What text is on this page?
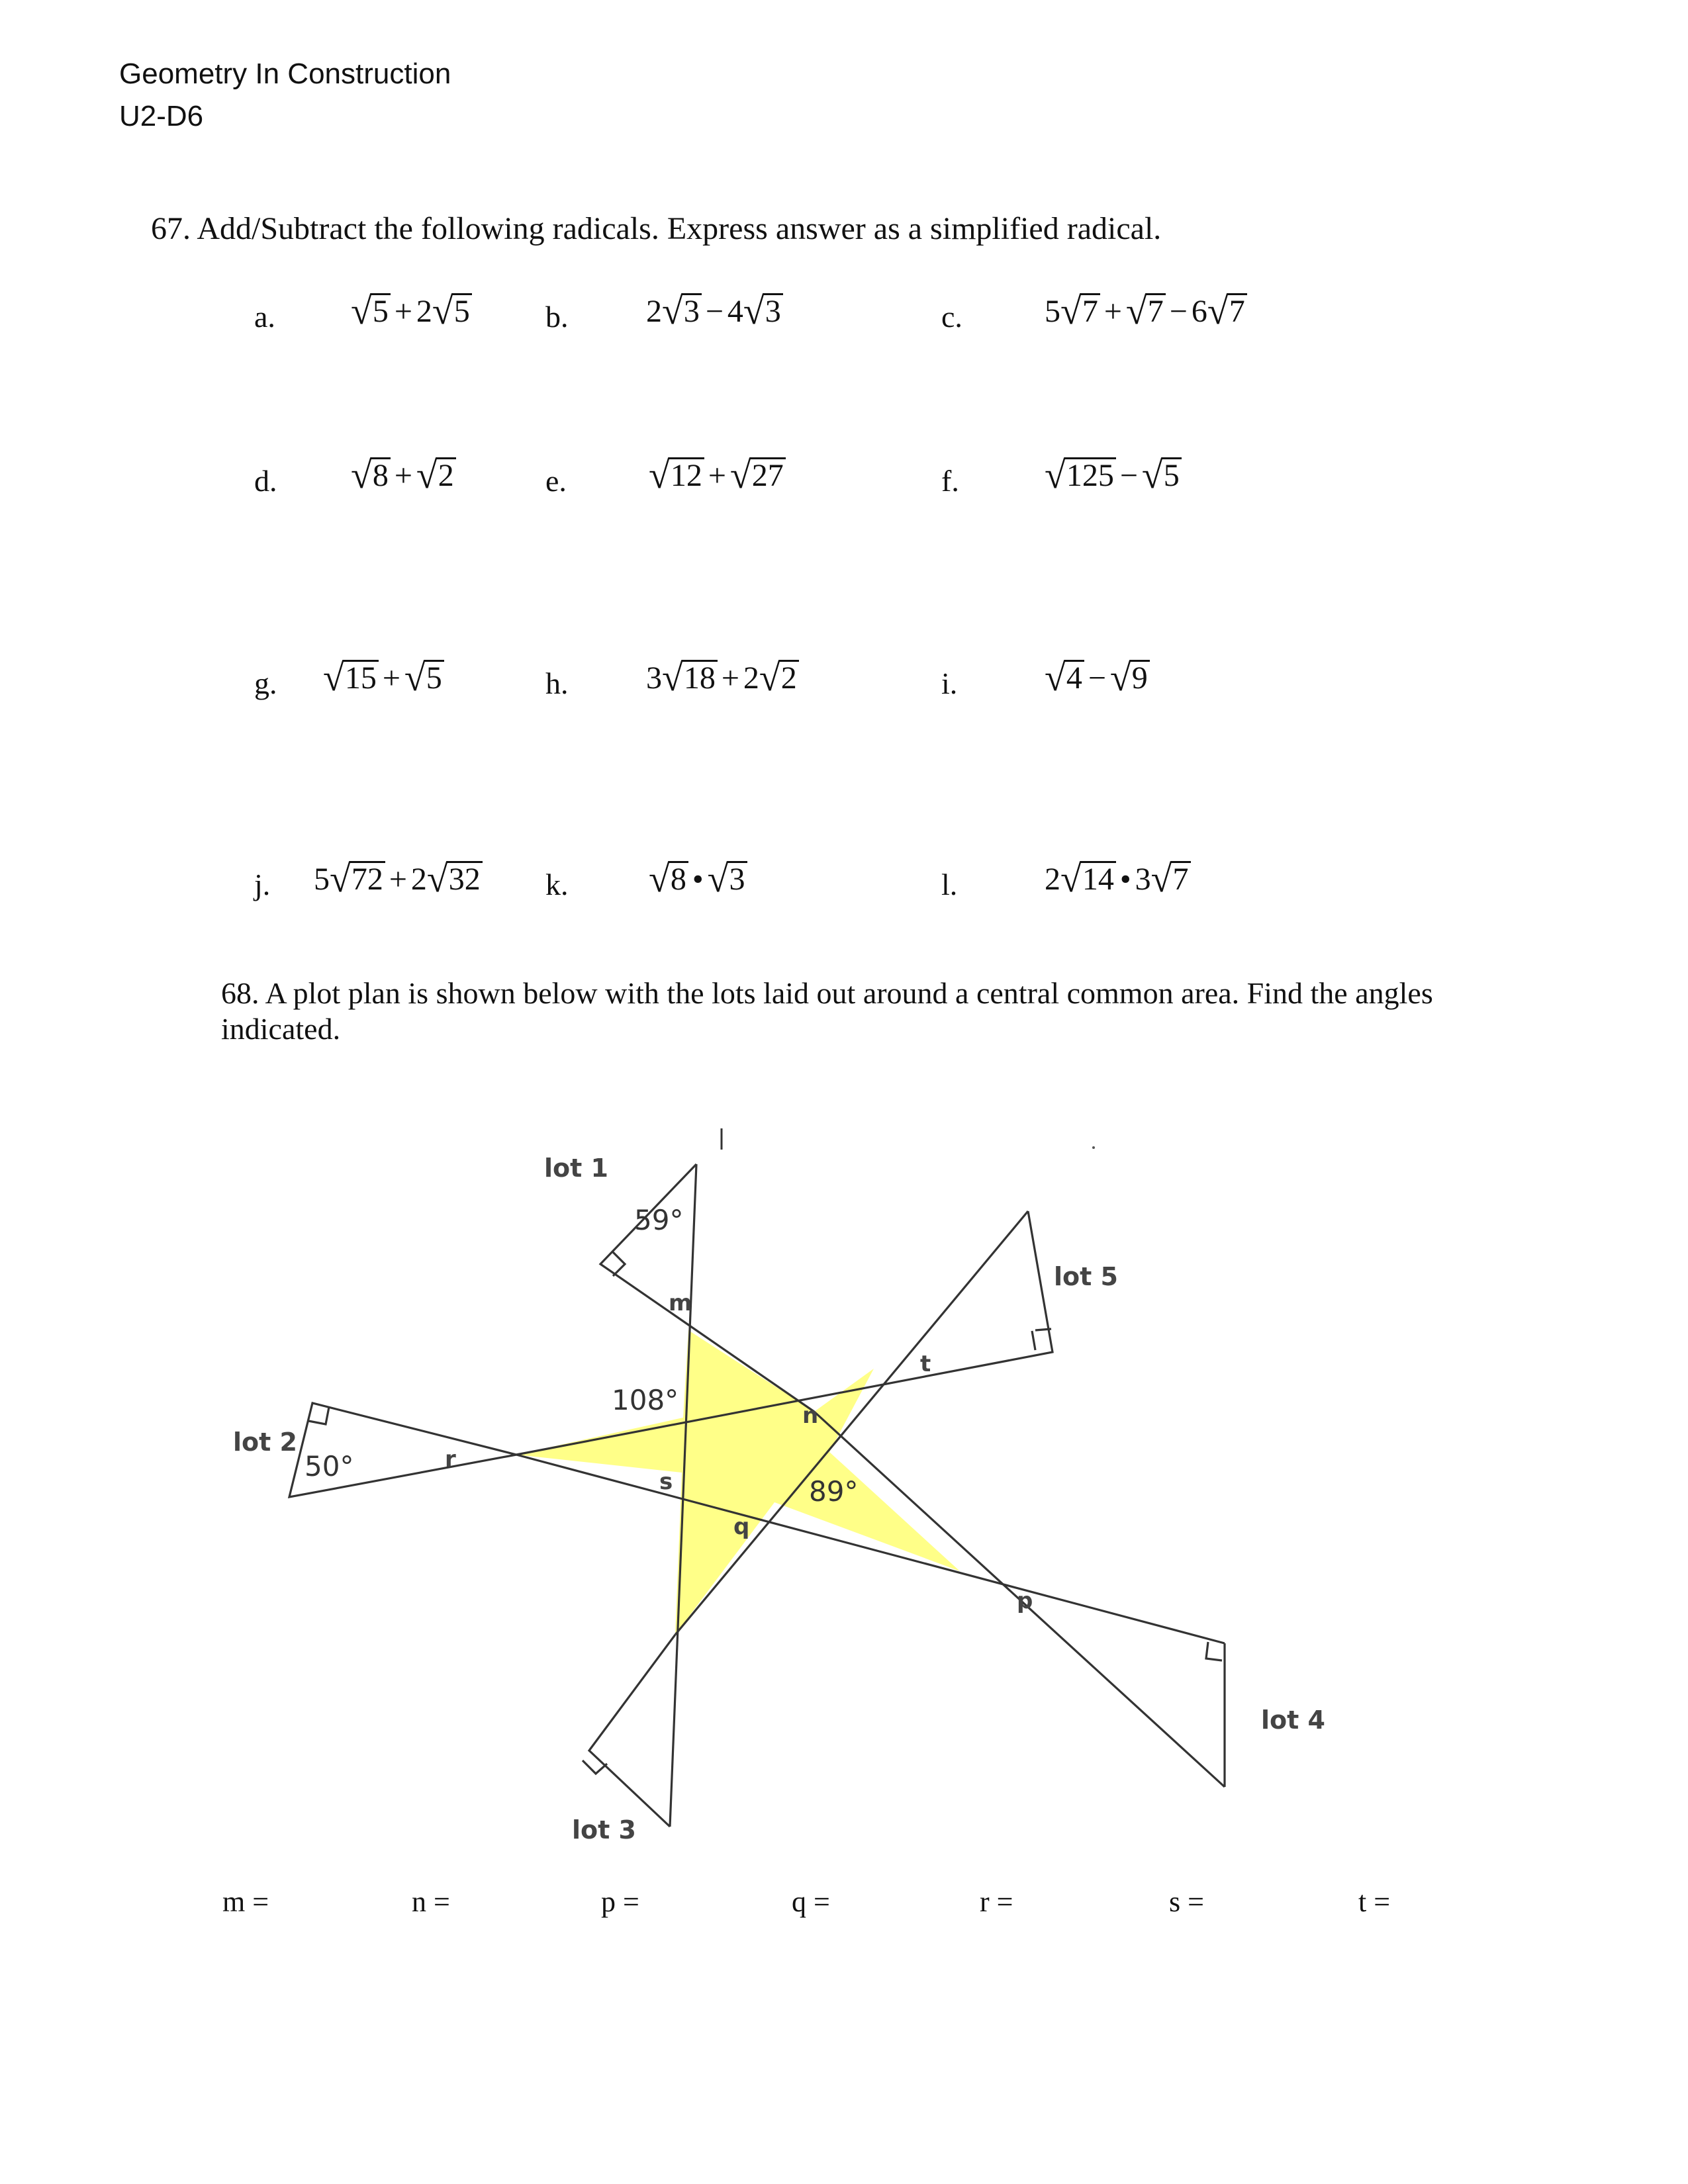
Geometry In Construction
U2-D6
67. Add/Subtract the following radicals. Express answer as a simplified radical.
a. √ 5 + 2 √ 5 b. 2 √ 3 − 4 √ 3	c.	5 √ 7 + √ 7 − 6 √ 7
d. √ 8 + √ 2	e. √ 12 + √ 27	f. √ 125 − √ 5
g. √ 15 + √ 5	h. 3 √ 18 + 2 √ 2	i. √ 4 − √ 9
j. 5 √ 72 + 2 √ 32 k. √ 8 • √ 3	l.	2 √ 14 • 3 √ 7
68. A plot plan is shown below with the lots laid out around a central common area. Find the angles indicated.
lot 1
lot 2
lot 3
lot 4
lot 5
59°
108°
50°
89°
m
n
p
q
r
s
t
m =	n =	p =	q =	r =	s =	t =
